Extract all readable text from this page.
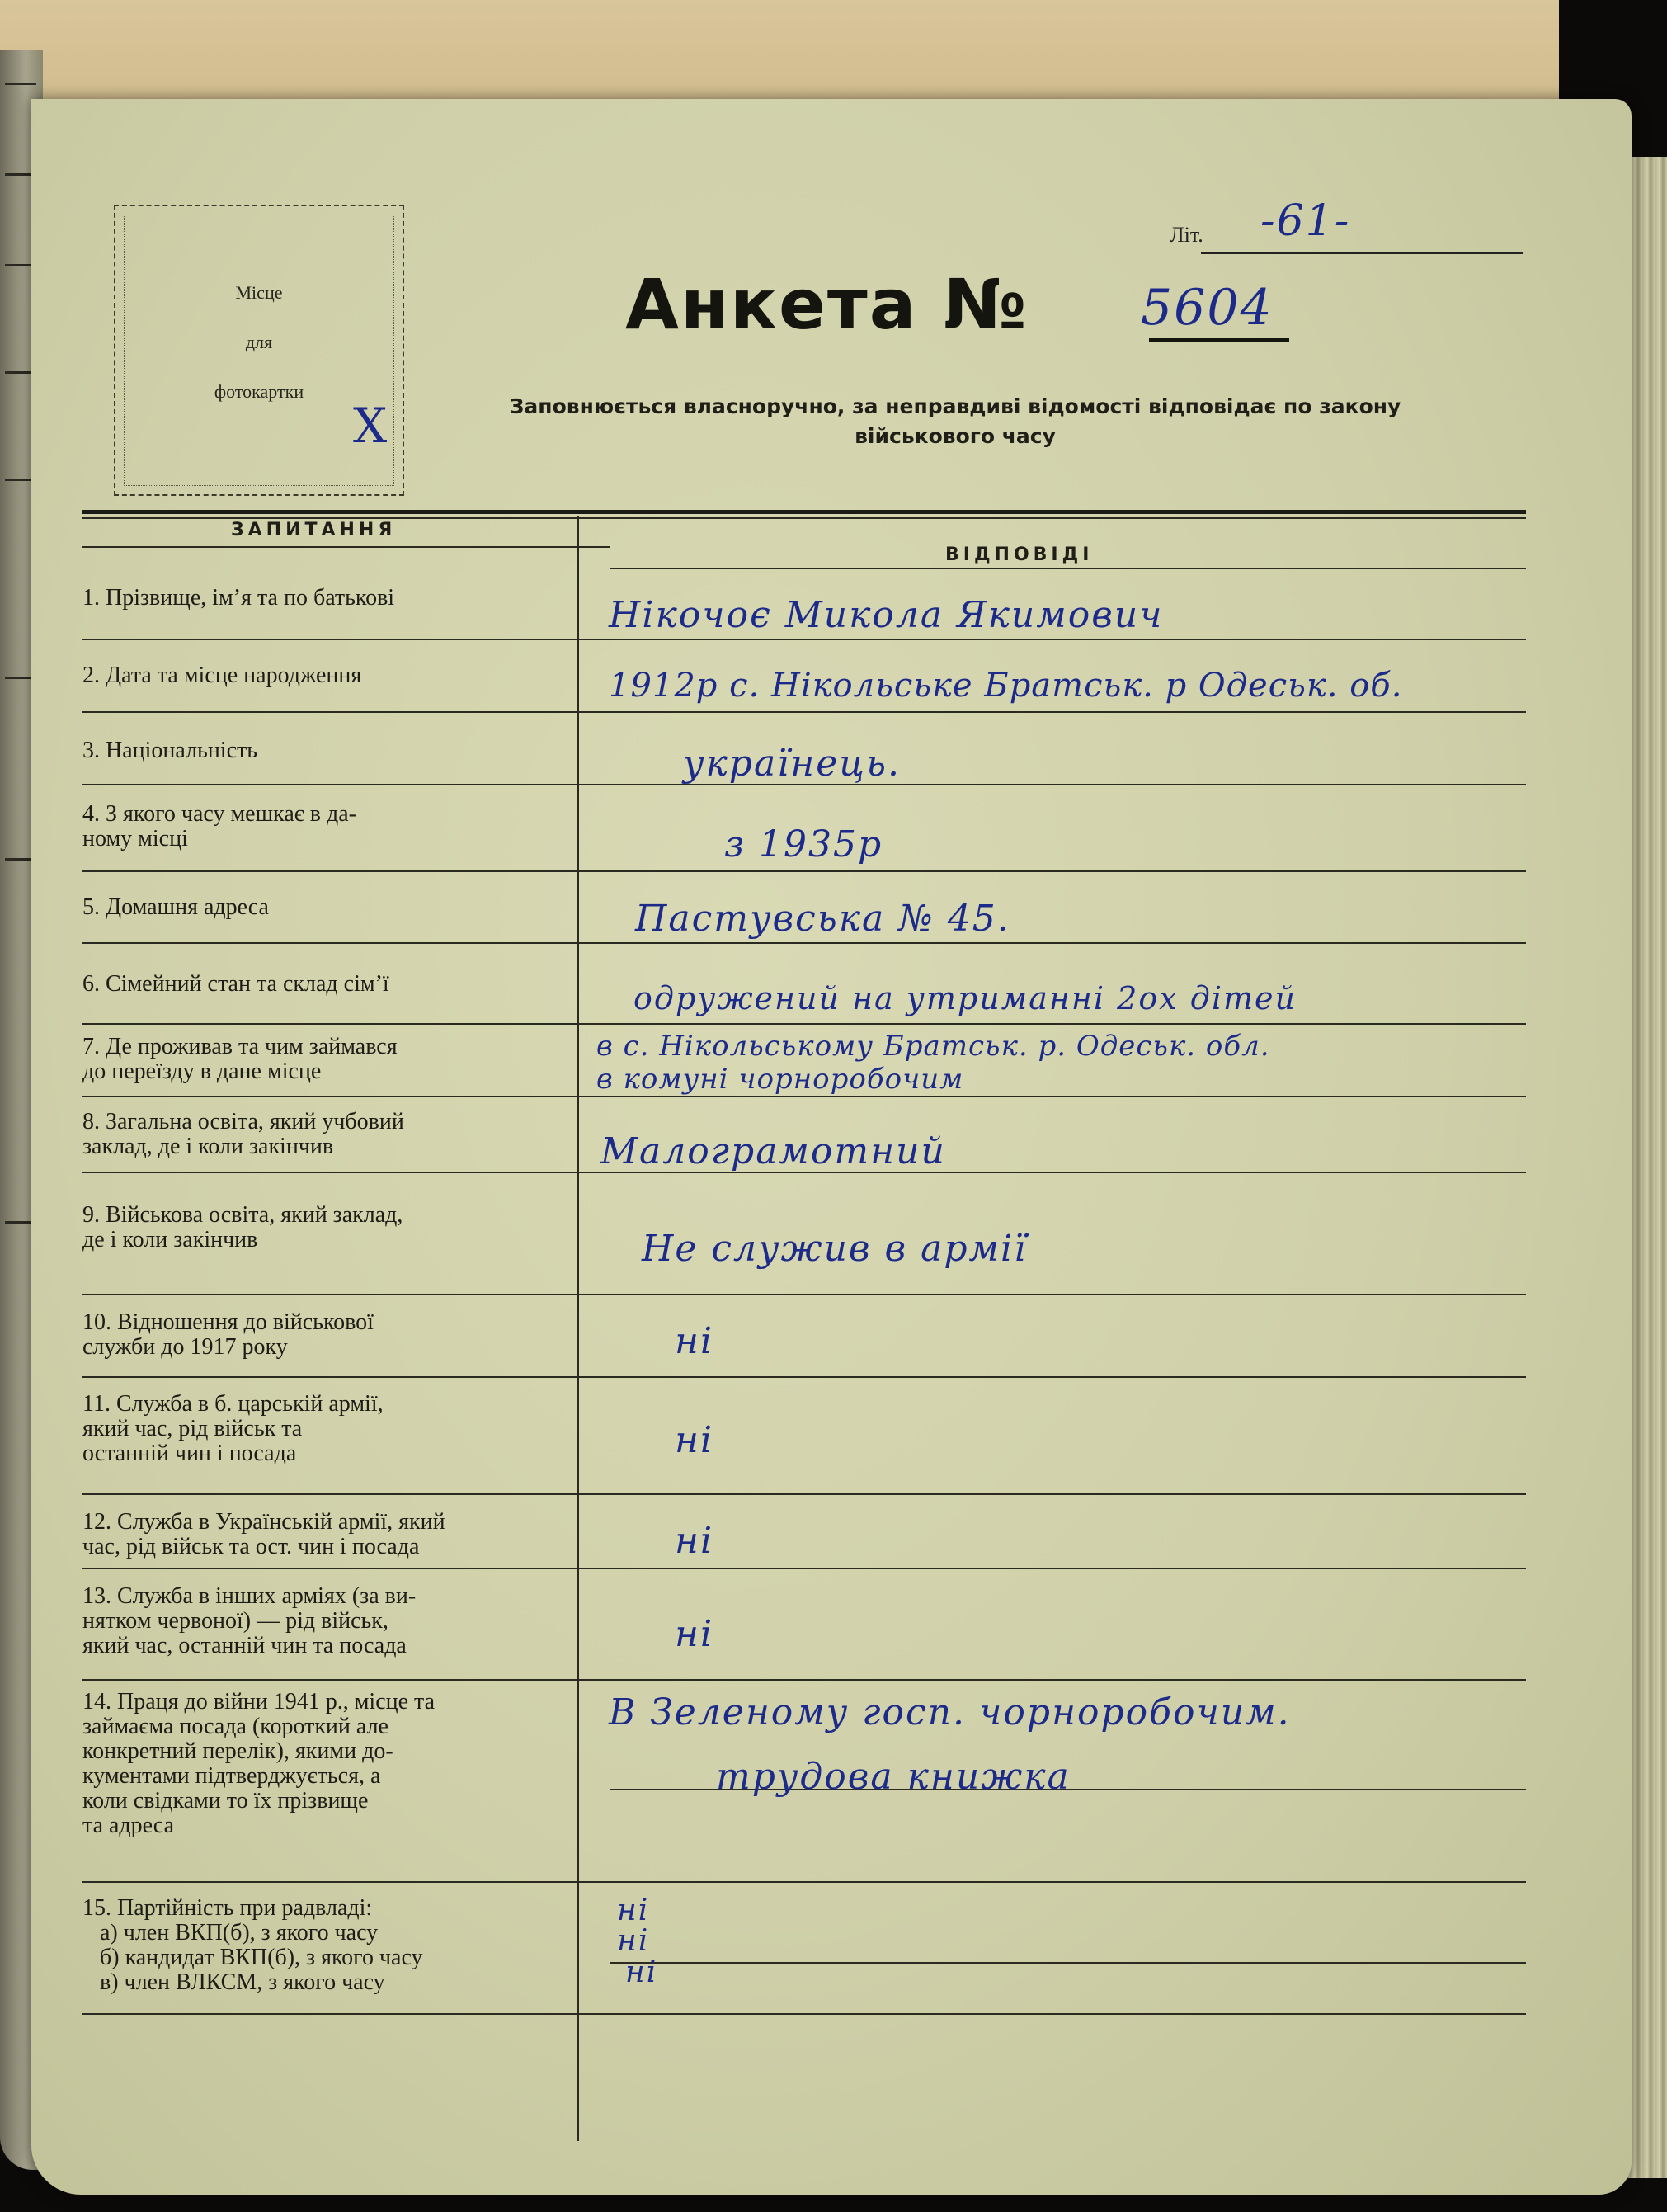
Місце
для
фотокартки
X
Літ. -61-
Анкета № 5604
Заповнюється власноручно, за неправдиві відомості відповідає по закону
військового часу
ЗАПИТАННЯ
ВІДПОВІДІ
1. Прізвище, ім’я та по батькові
2. Дата та місце народження
3. Національність
4. З якого часу мешкає в да-
ному місці
5. Домашня адреса
6. Сімейний стан та склад сім’ї
7. Де проживав та чим займався
до переїзду в дане місце
8. Загальна освіта, який учбовий
заклад, де і коли закінчив
9. Військова освіта, який заклад,
де і коли закінчив
10. Відношення до військової
служби до 1917 року
11. Служба в б. царській армії,
який час, рід військ та
останній чин і посада
12. Служба в Українській армії, який
час, рід військ та ост. чин і посада
13. Служба в інших арміях (за ви-
нятком червоної) — рід військ,
який час, останній чин та посада
14. Праця до війни 1941 р., місце та
займаєма посада (короткий але
конкретний перелік), якими до-
кументами підтверджується, а
коли свідками то їх прізвище
та адреса
15. Партійність при радвладі:
а) член ВКП(б), з якого часу
б) кандидат ВКП(б), з якого часу
в) член ВЛКСМ, з якого часу
Нікочоє Микола Якимович
1912р с. Нікольське Братськ. р Одеськ. об.
українець.
з 1935р
Пастувська № 45.
одружений на утриманні 2ох дітей
в с. Нікольському Братськ. р. Одеськ. обл.
в комуні чорноробочим
Малограмотний
Не служив в армії
ні
ні
ні
ні
В Зеленому госп. чорноробочим.
трудова книжка
ні
ні
ні
